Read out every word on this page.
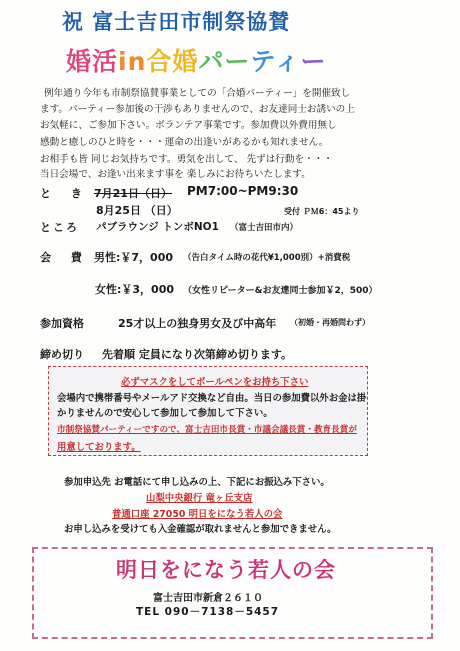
祝 富士吉田市制祭協賛
婚活in合婚パーティー
例年通り今年も市制祭協賛事業としての「合婚パーティー」を開催致し
ます。パーティー参加後の干渉もありませんので、お友達同士お誘いの上
お気軽に、ご参加下さい。ボランテア事業です。参加費以外費用無し
感動と癒しのひと時を・・・運命の出逢いがあるかも知れません。
お相手も皆 同じお気持ちです。勇気を出して、 先ずは行動を・・・
当日会場で、お逢い出来ます事を 楽しみにお待ちいたします。
と き 7月21日（日） PM7:00~PM9:30
8月25日 （日）	受付 ＰＭ6：45より
ところ パブラウンジ トンボNO1 （富士吉田市内）
会 費 男性:￥7，000 （告白タイム時の花代¥1,000別）+消費税
女性:￥3，000 （女性リピーター&お友達同士参加￥2，500）
参加資格	25才以上の独身男女及び中高年 （初婚・再婚問わず）
締め切り 先着順 定員になり次第締め切ります。
必ずマスクをしてボールペンをお持ち下さい
会場内で携帯番号やメールアド交換など自由。当日の参加費以外お金は掛
かりませんので安心して参加して参加して下さい。
市制祭協賛パーティーですので、富士吉田市長賞・市議会議長賞・教育長賞が
用意しております。
参加申込先 お電話にて申し込みの上、下記にお振込み下さい。
山梨中央銀行 竜ヶ丘支店
普通口座 27050 明日をになう若人の会
お申し込みを受けても入金確認が取れませんと参加できません。
明日をになう若人の会
富士吉田市新倉２６１０
TEL 090－7138－5457
